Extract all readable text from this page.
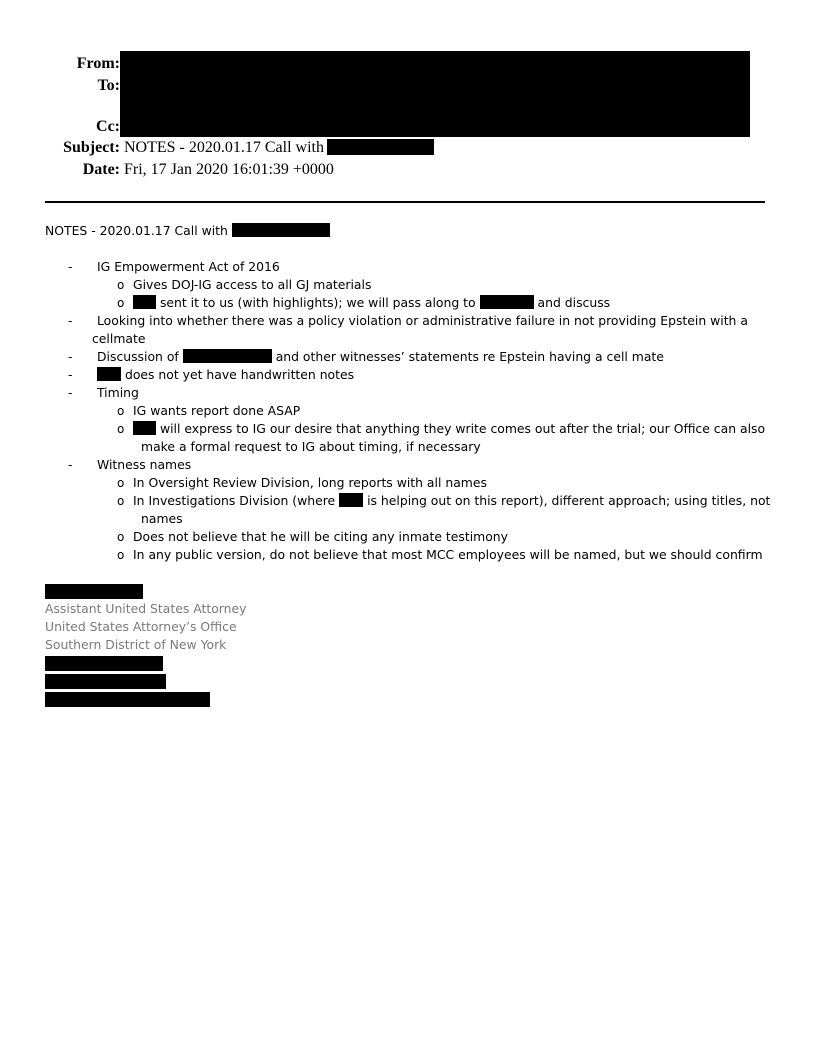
From:
To:
Cc:
Subject: NOTES - 2020.01.17 Call with
Date: Fri, 17 Jan 2020 16:01:39 +0000
NOTES - 2020.01.17 Call with
- IG Empowerment Act of 2016
o Gives DOJ-IG access to all GJ materials
o	sent it to us (with highlights); we will pass along to	and discuss
- Looking into whether there was a policy violation or administrative failure in not providing Epstein with a
cellmate
- Discussion of	and other witnesses’ statements re Epstein having a cell mate
-	does not yet have handwritten notes
- Timing
o IG wants report done ASAP
o	will express to IG our desire that anything they write comes out after the trial; our Office can also
make a formal request to IG about timing, if necessary
- Witness names
o In Oversight Review Division, long reports with all names
o In Investigations Division (where	is helping out on this report), different approach; using titles, not
names
o Does not believe that he will be citing any inmate testimony
o In any public version, do not believe that most MCC employees will be named, but we should confirm
Assistant United States Attorney
United States Attorney’s Office
Southern District of New York
